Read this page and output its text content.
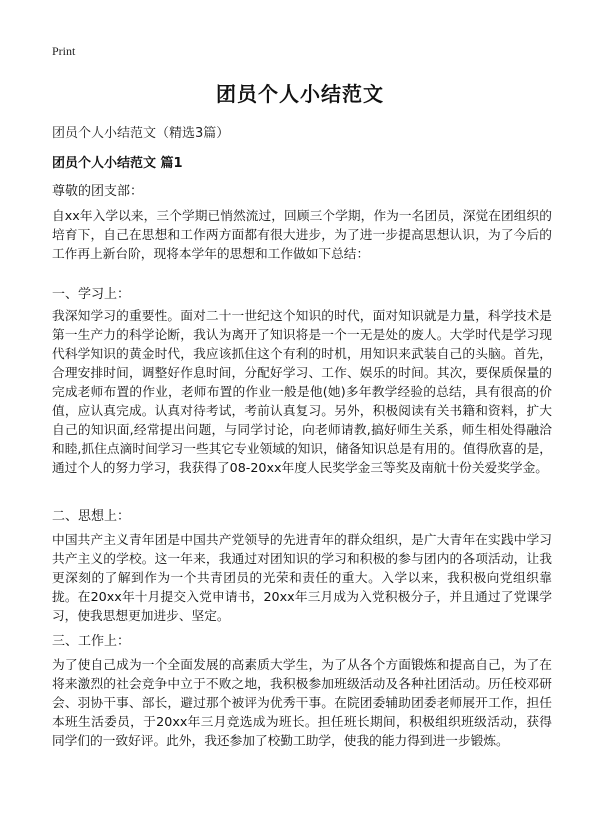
Print
团员个人小结范文
团员个人小结范文（精选3篇）
团员个人小结范文 篇1
尊敬的团支部：

自xx年入学以来，三个学期已悄然流过，回顾三个学期，作为一名团员，深觉在团组织的培育下，自己在思想和工作两方面都有很大进步，为了进一步提高思想认识，为了今后的工作再上新台阶，现将本学年的思想和工作做如下总结：

一、学习上：

我深知学习的重要性。面对二十一世纪这个知识的时代，面对知识就是力量，科学技术是第一生产力的科学论断，我认为离开了知识将是一个一无是处的废人。大学时代是学习现代科学知识的黄金时代，我应该抓住这个有利的时机，用知识来武装自己的头脑。首先，合理安排时间，调整好作息时间，分配好学习、工作、娱乐的时间。其次，要保质保量的完成老师布置的作业，老师布置的作业一般是他(她)多年教学经验的总结，具有很高的价值，应认真完成。认真对待考试，考前认真复习。另外，积极阅读有关书籍和资料，扩大自己的知识面,经常提出问题，与同学讨论，向老师请教,搞好师生关系，师生相处得融洽和睦,抓住点滴时间学习一些其它专业领域的知识，储备知识总是有用的。值得欣喜的是，通过个人的努力学习，我获得了08-20xx年度人民奖学金三等奖及南航十份关爱奖学金。

二、思想上：

中国共产主义青年团是中国共产党领导的先进青年的群众组织，是广大青年在实践中学习共产主义的学校。这一年来，我通过对团知识的学习和积极的参与团内的各项活动，让我更深刻的了解到作为一个共青团员的光荣和责任的重大。入学以来，我积极向党组织靠拢。在20xx年十月提交入党申请书，20xx年三月成为入党积极分子，并且通过了党课学习，使我思想更加进步、坚定。

三、工作上：

为了使自己成为一个全面发展的高素质大学生，为了从各个方面锻炼和提高自己，为了在将来激烈的社会竞争中立于不败之地，我积极参加班级活动及各种社团活动。历任校邓研会、羽协干事、部长，避过那个被评为优秀干事。在院团委辅助团委老师展开工作，担任本班生活委员，于20xx年三月竞选成为班长。担任班长期间，积极组织班级活动，获得同学们的一致好评。此外，我还参加了校勤工助学，使我的能力得到进一步锻炼。
